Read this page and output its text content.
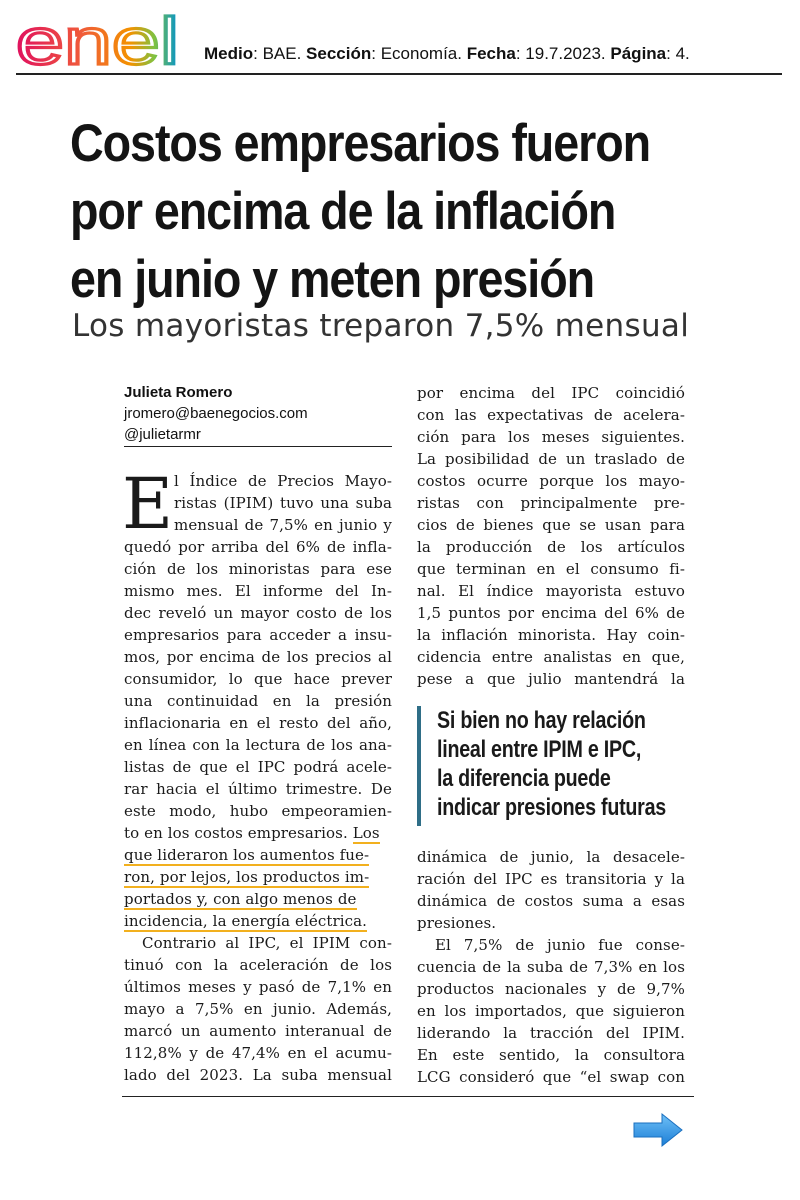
enel Medio: BAE. Sección: Economía. Fecha: 19.7.2023. Página: 4.
Costos empresarios fueron
por encima de la inflación
en junio y meten presión
Los mayoristas treparon 7,5% mensual
Julieta Romero
jromero@baenegocios.com
@julietarmr
E l Índice de Precios Mayo-
ristas (IPIM) tuvo una suba
mensual de 7,5% en junio y
quedó por arriba del 6% de infla-
ción de los minoristas para ese
mismo mes. El informe del In-
dec reveló un mayor costo de los
empresarios para acceder a insu-
mos, por encima de los precios al
consumidor, lo que hace prever
una continuidad en la presión
inflacionaria en el resto del año,
en línea con la lectura de los ana-
listas de que el IPC podrá acele-
rar hacia el último trimestre. De
este modo, hubo empeoramien-
to en los costos empresarios. Los
que lideraron los aumentos fue-
ron, por lejos, los productos im-
portados y, con algo menos de
incidencia, la energía eléctrica.
Contrario al IPC, el IPIM con-
tinuó con la aceleración de los
últimos meses y pasó de 7,1% en
mayo a 7,5% en junio. Además,
marcó un aumento interanual de
112,8% y de 47,4% en el acumu-
lado del 2023. La suba mensual
por encima del IPC coincidió
con las expectativas de acelera-
ción para los meses siguientes.
La posibilidad de un traslado de
costos ocurre porque los mayo-
ristas con principalmente pre-
cios de bienes que se usan para
la producción de los artículos
que terminan en el consumo fi-
nal. El índice mayorista estuvo
1,5 puntos por encima del 6% de
la inflación minorista. Hay coin-
cidencia entre analistas en que,
pese a que julio mantendrá la
Si bien no hay relación
lineal entre IPIM e IPC,
la diferencia puede
indicar presiones futuras
dinámica de junio, la desacele-
ración del IPC es transitoria y la
dinámica de costos suma a esas
presiones.
El 7,5% de junio fue conse-
cuencia de la suba de 7,3% en los
productos nacionales y de 9,7%
en los importados, que siguieron
liderando la tracción del IPIM.
En este sentido, la consultora
LCG consideró que “el swap con
